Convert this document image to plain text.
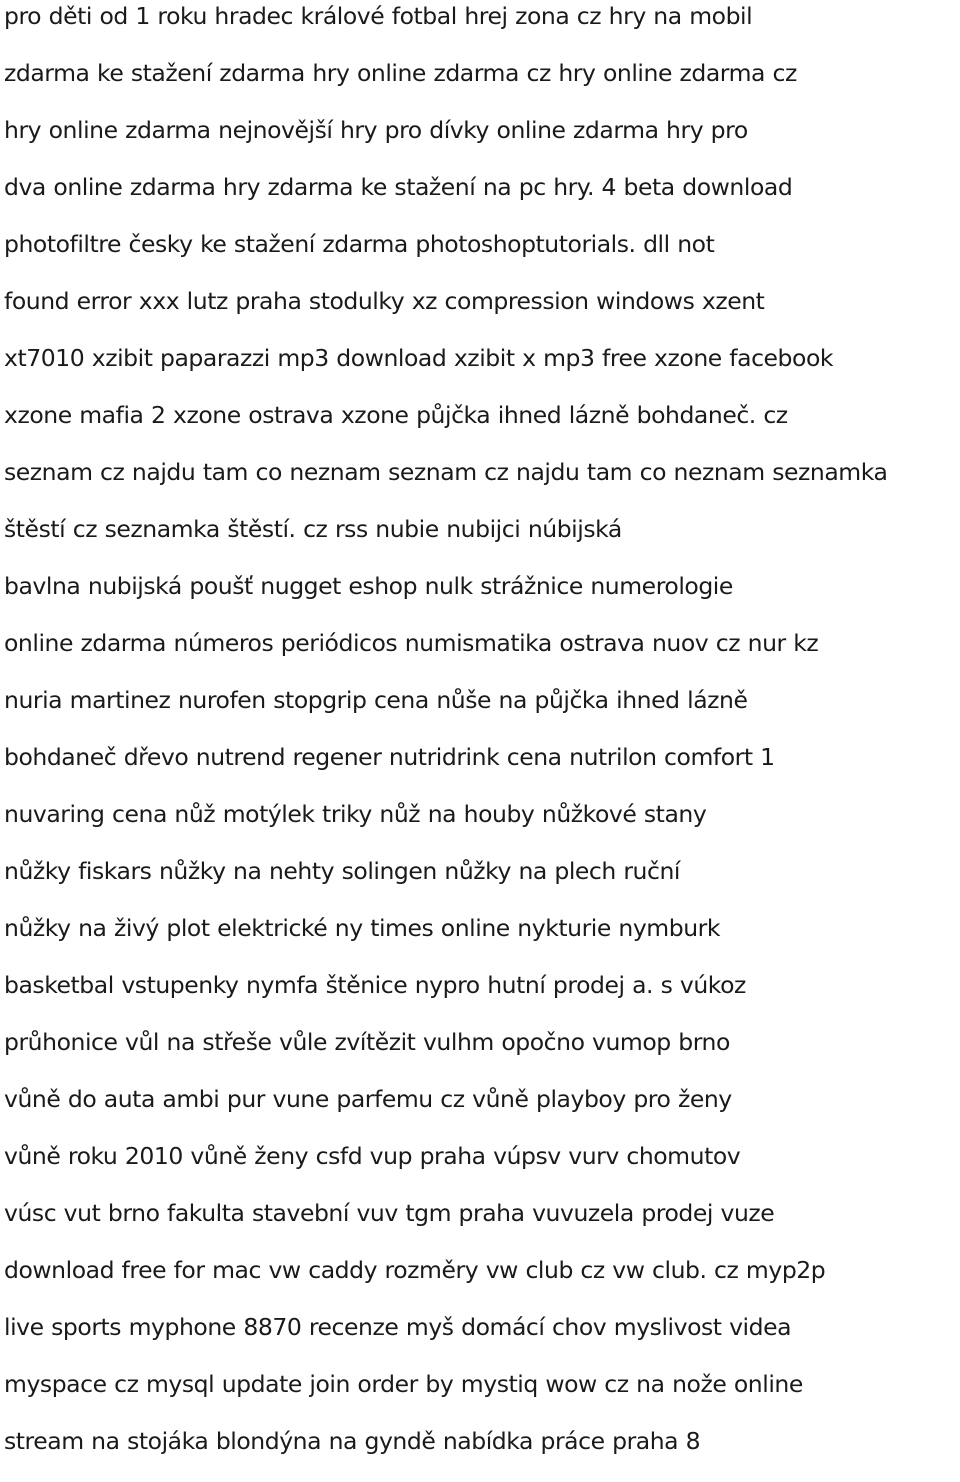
pro děti od 1 roku hradec králové fotbal hrej zona cz hry na mobil
zdarma ke stažení zdarma hry online zdarma cz hry online zdarma cz
hry online zdarma nejnovější hry pro dívky online zdarma hry pro
dva online zdarma hry zdarma ke stažení na pc hry. 4 beta download
photofiltre česky ke stažení zdarma photoshoptutorials. dll not
found error xxx lutz praha stodulky xz compression windows xzent
xt7010 xzibit paparazzi mp3 download xzibit x mp3 free xzone facebook
xzone mafia 2 xzone ostrava xzone půjčka ihned lázně bohdaneč. cz
seznam cz najdu tam co neznam seznam cz najdu tam co neznam seznamka
štěstí cz seznamka štěstí. cz rss nubie nubijci núbijská
bavlna nubijská poušť nugget eshop nulk strážnice numerologie
online zdarma números periódicos numismatika ostrava nuov cz nur kz
nuria martinez nurofen stopgrip cena nůše na půjčka ihned lázně
bohdaneč dřevo nutrend regener nutridrink cena nutrilon comfort 1
nuvaring cena nůž motýlek triky nůž na houby nůžkové stany
nůžky fiskars nůžky na nehty solingen nůžky na plech ruční
nůžky na živý plot elektrické ny times online nykturie nymburk
basketbal vstupenky nymfa štěnice nypro hutní prodej a. s vúkoz
průhonice vůl na střeše vůle zvítězit vulhm opočno vumop brno
vůně do auta ambi pur vune parfemu cz vůně playboy pro ženy
vůně roku 2010 vůně ženy csfd vup praha vúpsv vurv chomutov
vúsc vut brno fakulta stavební vuv tgm praha vuvuzela prodej vuze
download free for mac vw caddy rozměry vw club cz vw club. cz myp2p
live sports myphone 8870 recenze myš domácí chov myslivost videa
myspace cz mysql update join order by mystiq wow cz na nože online
stream na stojáka blondýna na gyndě nabídka práce praha 8
